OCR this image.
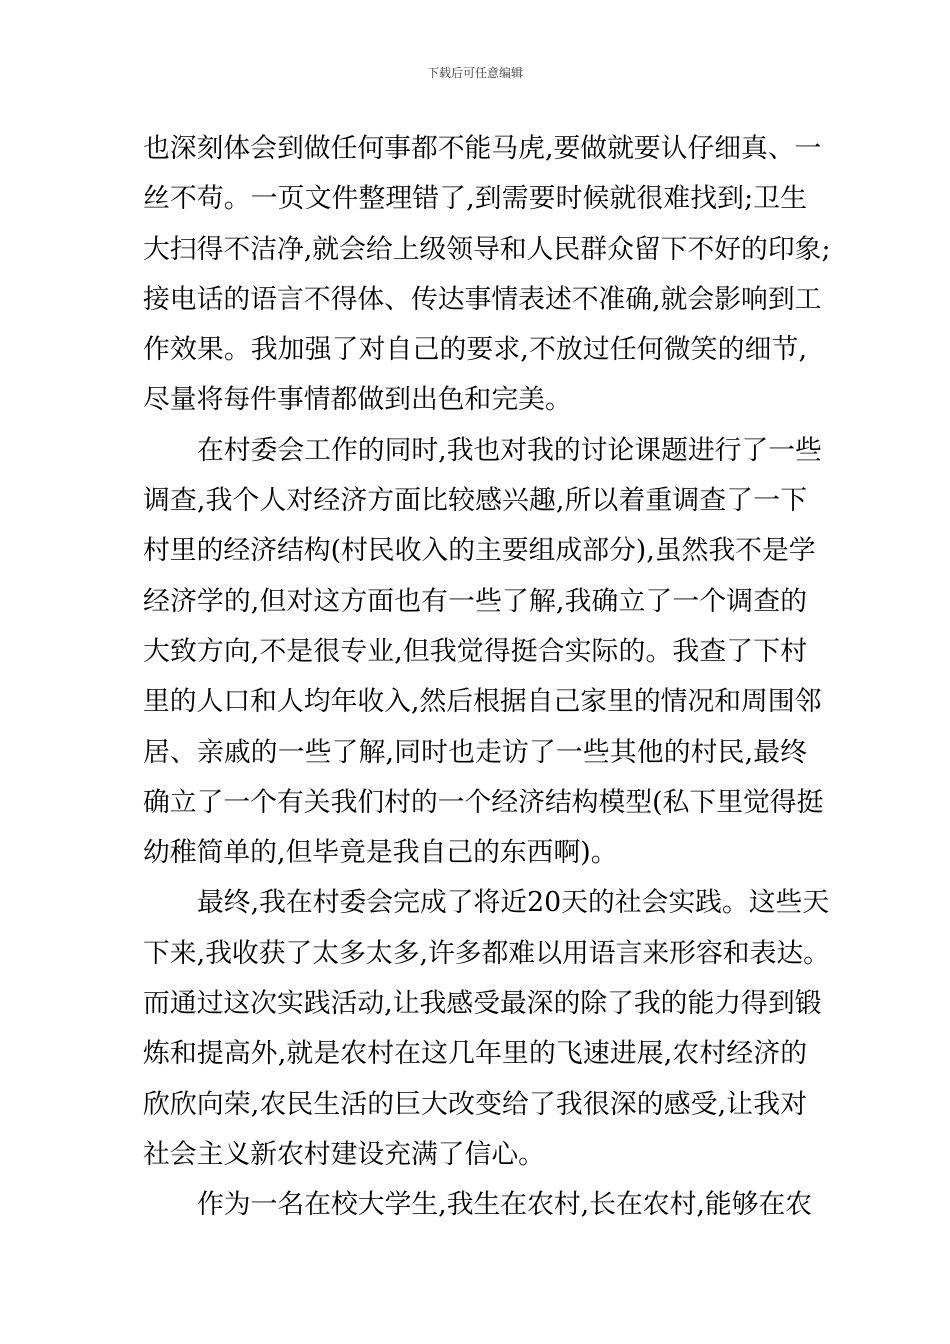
下载后可任意编辑
也深刻体会到做任何事都不能马虎,要做就要认仔细真、一
丝不苟。一页文件整理错了,到需要时候就很难找到;卫生
大扫得不洁净,就会给上级领导和人民群众留下不好的印象;
接电话的语言不得体、传达事情表述不准确,就会影响到工
作效果。我加强了对自己的要求,不放过任何微笑的细节,
尽量将每件事情都做到出色和完美。
在村委会工作的同时,我也对我的讨论课题进行了一些
调查,我个人对经济方面比较感兴趣,所以着重调查了一下
村里的经济结构(村民收入的主要组成部分),虽然我不是学
经济学的,但对这方面也有一些了解,我确立了一个调查的
大致方向,不是很专业,但我觉得挺合实际的。我查了下村
里的人口和人均年收入,然后根据自己家里的情况和周围邻
居、亲戚的一些了解,同时也走访了一些其他的村民,最终
确立了一个有关我们村的一个经济结构模型(私下里觉得挺
幼稚简单的,但毕竟是我自己的东西啊)。
最终,我在村委会完成了将近20天的社会实践。这些天
下来,我收获了太多太多,许多都难以用语言来形容和表达。
而通过这次实践活动,让我感受最深的除了我的能力得到锻
炼和提高外,就是农村在这几年里的飞速进展,农村经济的
欣欣向荣,农民生活的巨大改变给了我很深的感受,让我对
社会主义新农村建设充满了信心。
作为一名在校大学生,我生在农村,长在农村,能够在农
